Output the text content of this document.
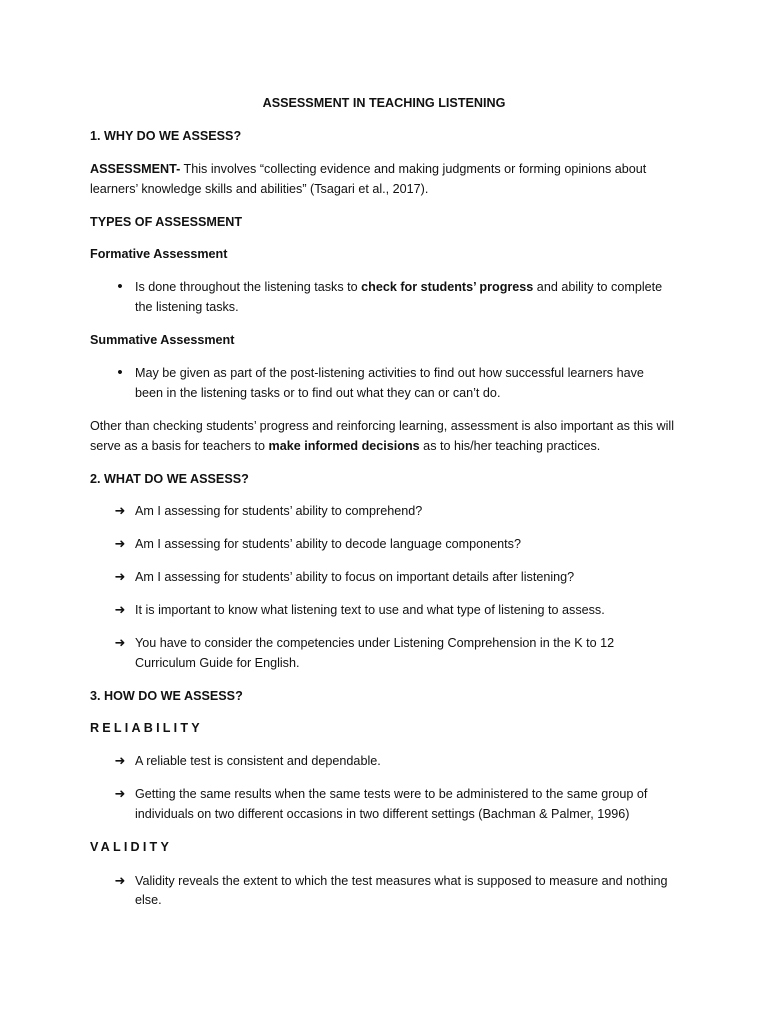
ASSESSMENT IN TEACHING LISTENING

1. WHY DO WE ASSESS?

ASSESSMENT- This involves “collecting evidence and making judgments or forming opinions about

learners’ knowledge skills and abilities” (Tsagari et al., 2017).

TYPES OF ASSESSMENT

Formative Assessment

• Is done throughout the listening tasks to check for students’ progress and ability to complete

the listening tasks.

Summative Assessment

• May be given as part of the post-listening activities to find out how successful learners have

been in the listening tasks or to find out what they can or can’t do.

Other than checking students’ progress and reinforcing learning, assessment is also important as this will

serve as a basis for teachers to make informed decisions as to his/her teaching practices.

2. WHAT DO WE ASSESS?

➜ Am I assessing for students’ ability to comprehend?

➜ Am I assessing for students’ ability to decode language components?

➜ Am I assessing for students’ ability to focus on important details after listening?

➜ It is important to know what listening text to use and what type of listening to assess.

➜ You have to consider the competencies under Listening Comprehension in the K to 12

Curriculum Guide for English.

3. HOW DO WE ASSESS?

RELIABILITY

➜ A reliable test is consistent and dependable.

➜ Getting the same results when the same tests were to be administered to the same group of

individuals on two different occasions in two different settings (Bachman & Palmer, 1996)

VALIDITY

➜ Validity reveals the extent to which the test measures what is supposed to measure and nothing

else.
